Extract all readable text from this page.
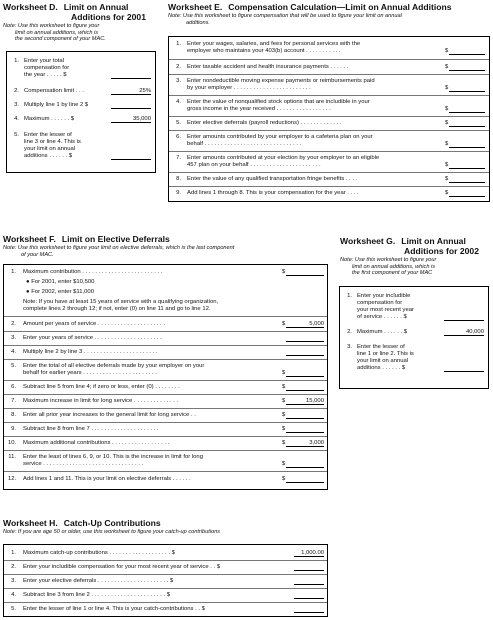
Worksheet D. Limit on Annual
Additions for 2001
Note: Use this worksheet to figure your
limit on annual additions, which is
the second component of your MAC.
1. Enter your total
compensation for
the year . . . . . $
2. Compensation limit . . .	25%
3. Multiply line 1 by line 2 $
4. Maximum . . . . . . $	35,000
5. Enter the lesser of
line 3 or line 4. This is
your limit on annual
additions . . . . . . $
Worksheet E. Compensation Calculation—Limit on Annual Additions
Note: Use this worksheet to figure compensation that will be used to figure your limit on annual
additions.
1. Enter your wages, salaries, and fees for personal services with the
employer who maintains your 403(b) account . . . . . . . . . . .	$
2. Enter taxable accident and health insurance payments . . . . . .	$
3. Enter nondeductible moving expense payments or reimbursements paid
by your employer . . . . . . . . . . . . . . . . . . . . . . . .	$
4. Enter the value of nonqualified stock options that are includible in your
gross income in the year received . . . . . . . . . . . . . . . . .	$
5. Enter elective deferrals (payroll reductions) . . . . . . . . . . . . .	$
6. Enter amounts contributed by your employer to a cafeteria plan on your
behalf . . . . . . . . . . . . . . . . . . . . . . . . . . . . . .	$
7. Enter amounts contributed at your election by your employer to an eligible
457 plan on your behalf . . . . . . . . . . . . . . . . . . . . . .	$
8. Enter the value of any qualified transportation fringe benefits . . . .	$
9. Add lines 1 through 8. This is your compensation for the year . . . .	$
Worksheet F. Limit on Elective Deferrals
Note: Use this worksheet to figure your limit on elective deferrals, which is the last component
of your MAC.
1. Maximum contribution . . . . . . . . . . . . . . . . . . . . . . . . .	$
● For 2001, enter $10,500
● For 2002, enter $11,000
Note: If you have at least 15 years of service with a qualifying organization,
complete lines 2 through 12; if not, enter (0) on line 11 and go to line 12.
2. Amount per years of service . . . . . . . . . . . . . . . . . . . . .	$	5,000
3. Enter your years of service . . . . . . . . . . . . . . . . . . . . .
4. Multiply line 2 by line 3 . . . . . . . . . . . . . . . . . . . . . . .
5. Enter the total of all elective deferrals made by your employer on your
behalf for earlier years . . . . . . . . . . . . . . . . . . . . . . .	$
6. Subtract line 5 from line 4; if zero or less, enter (0) . . . . . . . .	$
7. Maximum increase in limit for long service . . . . . . . . . . . . . .	$	15,000
8. Enter all prior year increases to the general limit for long service . .	$
9. Subtract line 8 from line 7 . . . . . . . . . . . . . . . . . . . . .	$
10. Maximum additional contributions . . . . . . . . . . . . . . . . . .	$	3,000
11. Enter the least of lines 6, 9, or 10. This is the increase in limit for long
service . . . . . . . . . . . . . . . . . . . . . . . . . . . . . . .	$
12. Add lines 1 and 11. This is your limit on elective deferrals . . . . . .	$
Worksheet G. Limit on Annual
Additions for 2002
Note: Use this worksheet to figure your
limit on annual additions, which is
the first component of your MAC
1. Enter your includible
compensation for
your most recent year
of service . . . . . . $
2. Maximum . . . . . . $	40,000
3. Enter the lesser of
line 1 or line 2. This is
your limit on annual
additions . . . . . . $
Worksheet H. Catch-Up Contributions
Note: If you are age 50 or older, use this worksheet to figure your catch-up contributions
1. Maximum catch-up contributions . . . . . . . . . . . . . . . . . . . $	1,000.00
2. Enter your includible compensation for your most recent year of service . . $
3. Enter your elective deferrals . . . . . . . . . . . . . . . . . . . . . . $
4. Subtract line 3 from line 2 . . . . . . . . . . . . . . . . . . . . . . . $
5. Enter the lesser of line 1 or line 4. This is your catch-contributions . . $
